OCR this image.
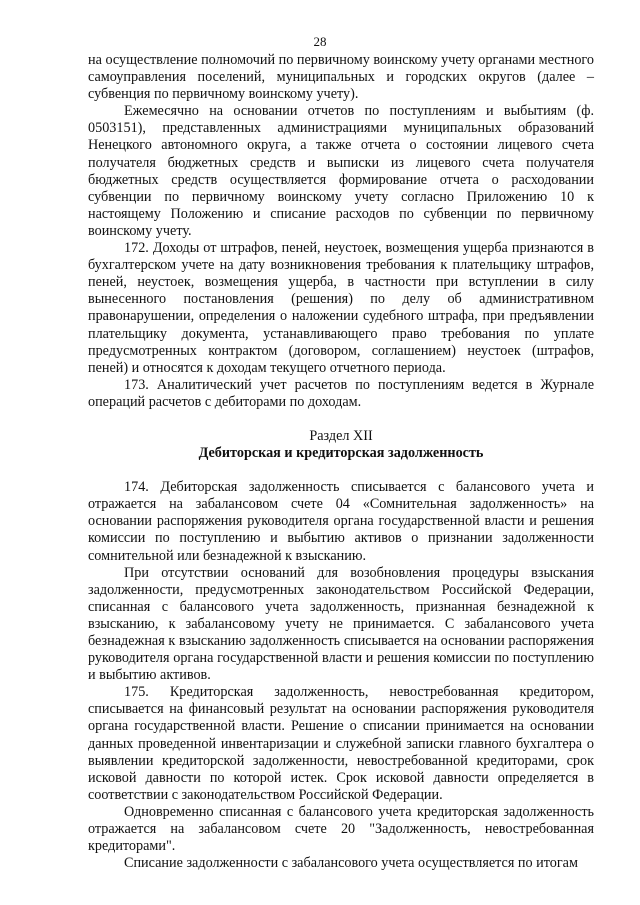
28

на осуществление полномочий по первичному воинскому учету органами местного самоуправления поселений, муниципальных и городских округов (далее – субвенция по первичному воинскому учету).

Ежемесячно на основании отчетов по поступлениям и выбытиям (ф. 0503151), представленных администрациями муниципальных образований Ненецкого автономного округа, а также отчета о состоянии лицевого счета получателя бюджетных средств и выписки из лицевого счета получателя бюджетных средств осуществляется формирование отчета о расходовании субвенции по первичному воинскому учету согласно Приложению 10 к настоящему Положению и списание расходов по субвенции по первичному воинскому учету.

172. Доходы от штрафов, пеней, неустоек, возмещения ущерба признаются в бухгалтерском учете на дату возникновения требования к плательщику штрафов, пеней, неустоек, возмещения ущерба, в частности при вступлении в силу вынесенного постановления (решения) по делу об административном правонарушении, определения о наложении судебного штрафа, при предъявлении плательщику документа, устанавливающего право требования по уплате предусмотренных контрактом (договором, соглашением) неустоек (штрафов, пеней) и относятся к доходам текущего отчетного периода.

173. Аналитический учет расчетов по поступлениям ведется в Журнале операций расчетов с дебиторами по доходам.

Раздел XII

Дебиторская и кредиторская задолженность

174. Дебиторская задолженность списывается с балансового учета и отражается на забалансовом счете 04 «Сомнительная задолженность» на основании распоряжения руководителя органа государственной власти и решения комиссии по поступлению и выбытию активов о признании задолженности сомнительной или безнадежной к взысканию.

При отсутствии оснований для возобновления процедуры взыскания задолженности, предусмотренных законодательством Российской Федерации, списанная с балансового учета задолженность, признанная безнадежной к взысканию, к забалансовому учету не принимается. С забалансового учета безнадежная к взысканию задолженность списывается на основании распоряжения руководителя органа государственной власти и решения комиссии по поступлению и выбытию активов.

175. Кредиторская задолженность, невостребованная кредитором, списывается на финансовый результат на основании распоряжения руководителя органа государственной власти. Решение о списании принимается на основании данных проведенной инвентаризации и служебной записки главного бухгалтера о выявлении кредиторской задолженности, невостребованной кредиторами, срок исковой давности по которой истек. Срок исковой давности определяется в соответствии с законодательством Российской Федерации.

Одновременно списанная с балансового учета кредиторская задолженность отражается на забалансовом счете 20 "Задолженность, невостребованная кредиторами".

Списание задолженности с забалансового учета осуществляется по итогам
